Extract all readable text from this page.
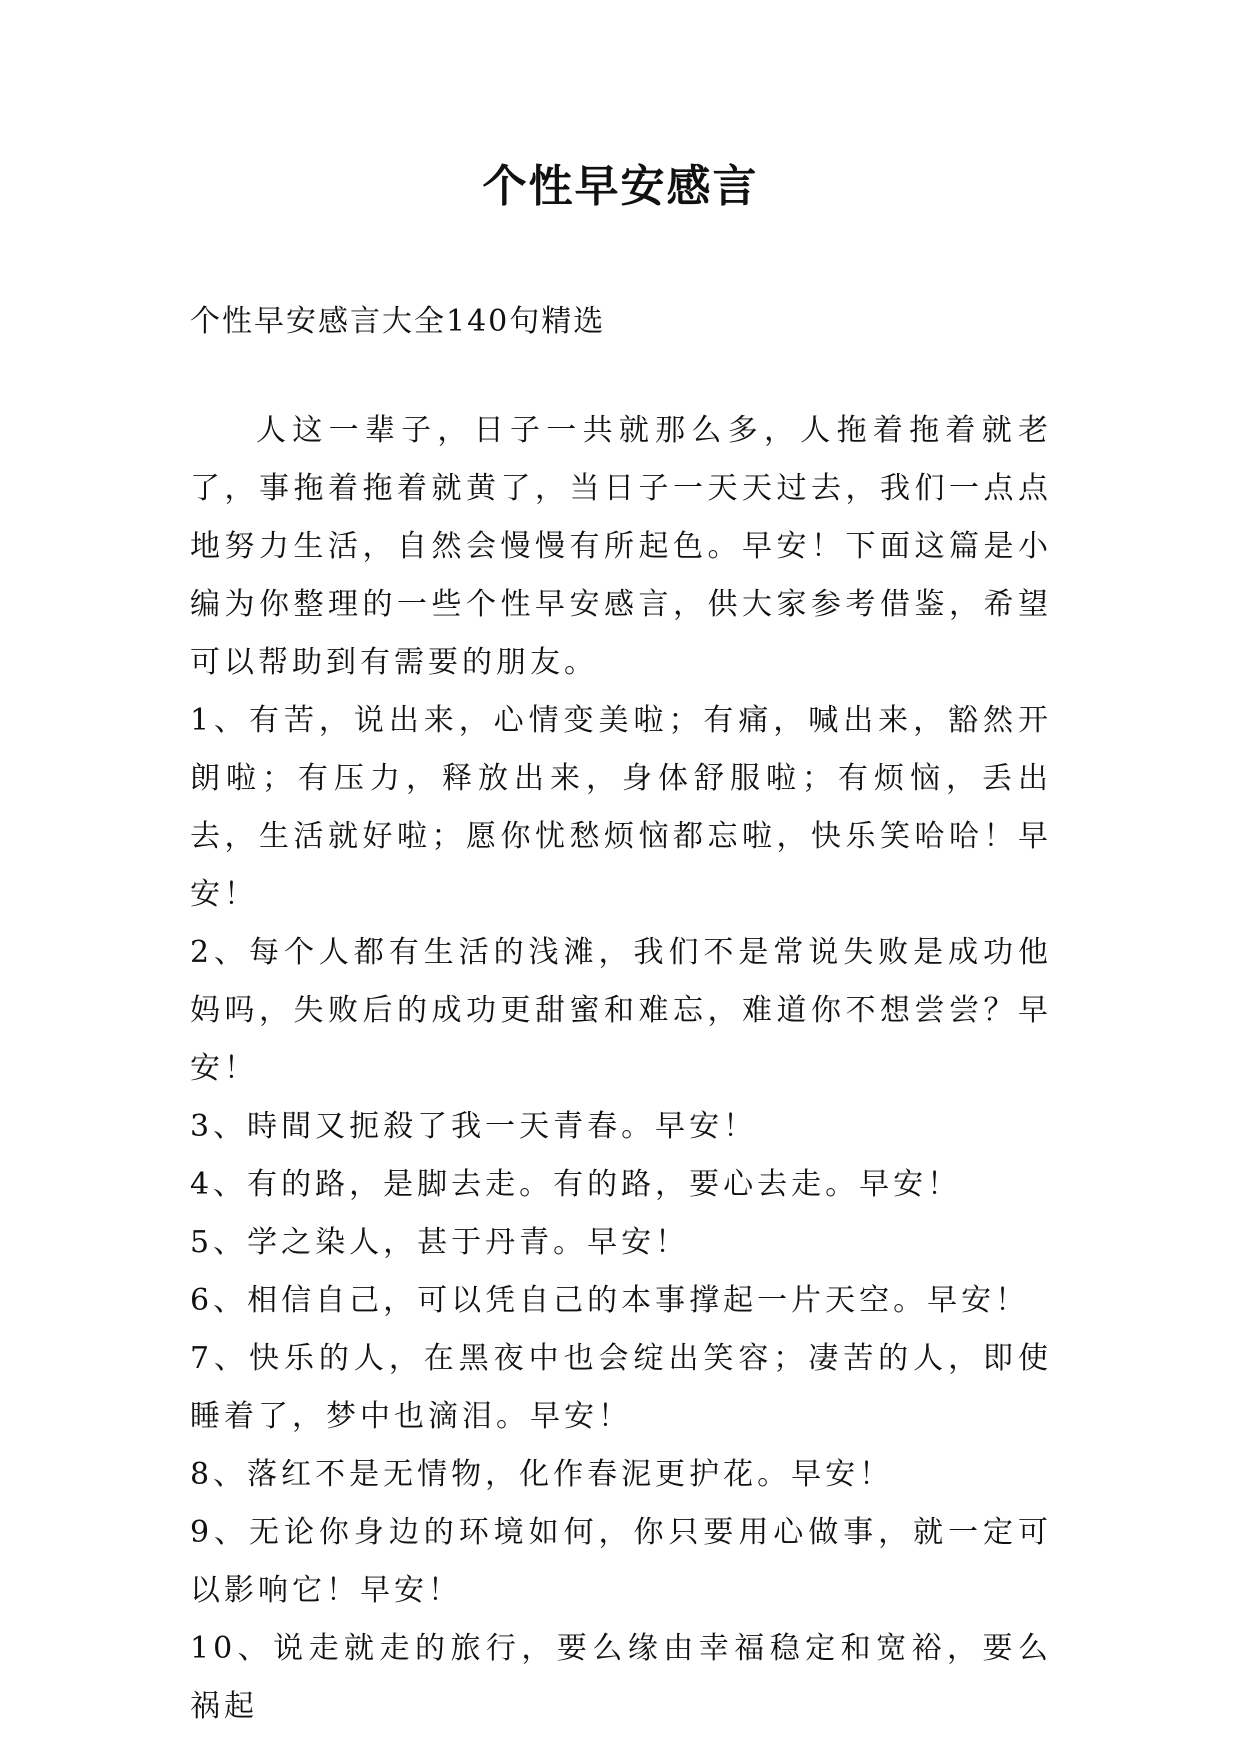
个性早安感言

个性早安感言大全140句精选

人这一辈子，日子一共就那么多，人拖着拖着就老了，事拖着拖着就黄了，当日子一天天过去，我们一点点地努力生活，自然会慢慢有所起色。早安！下面这篇是小编为你整理的一些个性早安感言，供大家参考借鉴，希望可以帮助到有需要的朋友。

1、有苦，说出来，心情变美啦；有痛，喊出来，豁然开朗啦；有压力，释放出来，身体舒服啦；有烦恼，丢出去，生活就好啦；愿你忧愁烦恼都忘啦，快乐笑哈哈！早安！

2、每个人都有生活的浅滩，我们不是常说失败是成功他妈吗，失败后的成功更甜蜜和难忘，难道你不想尝尝？早安！

3、時間又扼殺了我一天青春。早安！

4、有的路，是脚去走。有的路，要心去走。早安！

5、学之染人，甚于丹青。早安！

6、相信自己，可以凭自己的本事撑起一片天空。早安！

7、快乐的人，在黑夜中也会绽出笑容；凄苦的人，即使睡着了，梦中也滴泪。早安！

8、落红不是无情物，化作春泥更护花。早安！

9、无论你身边的环境如何，你只要用心做事，就一定可以影响它！早安！

10、说走就走的旅行，要么缘由幸福稳定和宽裕，要么祸起
